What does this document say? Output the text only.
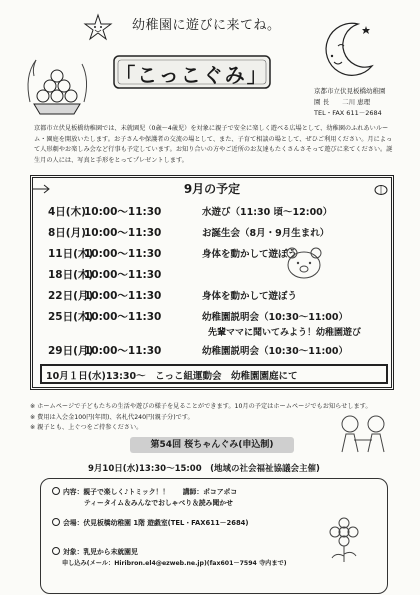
幼稚園に遊びに来てね。
「こっこぐみ」
京都市立伏見板橋幼稚園
園 長　　二川 恵理
TEL・FAX 611－2684
京都市立伏見板橋幼稚園では、未就園児（0歳～4歳児）を対象に親子で安全に楽しく遊べる広場として、幼稚園のふれあいルーム・園庭を開放いたします。お子さんや保護者の交流の場として、また、子育て相談の場として、ぜひご利用ください。月によって人形劇やお楽しみ会など行事も予定しています。お知り合いの方やご近所のお友達もたくさんさそって遊びに来てください。誕生月の人には、写真と手形をとってプレゼントします。
9月の予定
4日(木)10:00～11:30	水遊び（11:30 頃～12:00）
8日(月)10:00～11:30	お誕生会（8月・9月生まれ）
11日(木)10:00～11:30	身体を動かして遊ぼう
18日(木)10:00～11:30
22日(月)10:00～11:30	身体を動かして遊ぼう
25日(木)10:00～11:30	幼稚園説明会（10:30～11:00）
先輩ママに聞いてみよう！幼稚園遊び
29日(月)10:00～11:30	幼稚園説明会（10:30～11:00）
10月１日(水)13:30～　こっこ組運動会　幼稚園園庭にて
※ ホームページで子どもたちの生活や遊びの様子を見ることができます。10月の予定はホームページでもお知らせします。
※ 費用は入会金100円(年間)、名札代240円(親子分)です。
※ 親子とも、上ぐつをご持参ください。
第54回 桜ちゃんぐみ(申込制)
9月10日(水)13:30～15:00　(地域の社会福祉協議会主催)
内容：親子で楽しく♪トミック！！　　講師：ポコアポコ
ティータイム＆みんなでおしゃべり＆読み聞かせ
会場：伏見板橋幼稚園 1階 遊戯室(TEL・FAX611－2684)
対象：乳児から未就園児
申し込み(メール：Hiribron.el4@ezweb.ne.jp)(fax601－7594 寺内まで)
